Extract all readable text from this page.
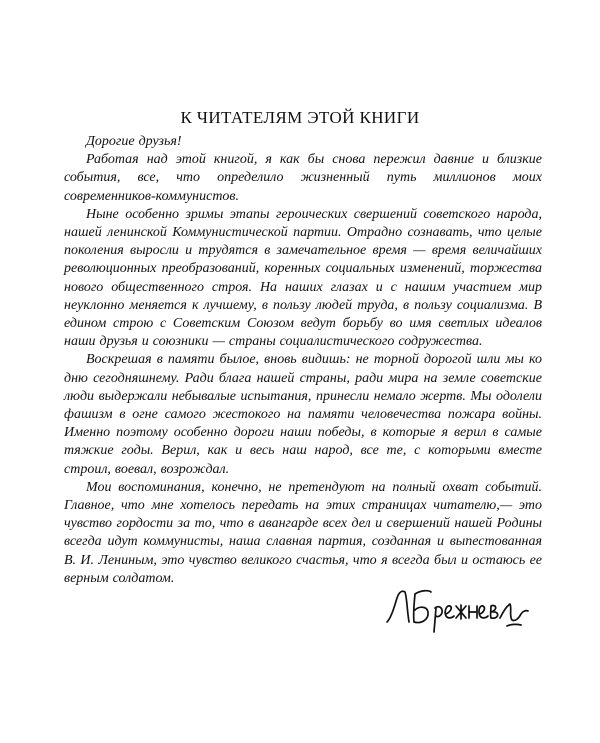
К ЧИТАТЕЛЯМ ЭТОЙ КНИГИ

Дорогие друзья!

Работая над этой книгой, я как бы снова пережил давние и близкие события, все, что определило жизненный путь миллионов моих современников-коммунистов.

Ныне особенно зримы этапы героических свершений советского народа, нашей ленинской Коммунистической партии. Отрадно сознавать, что целые поколения выросли и трудятся в замечательное время — время величайших революционных преобразований, коренных социальных изменений, торжества нового общественного строя. На наших глазах и с нашим участием мир неуклонно меняется к лучшему, в пользу людей труда, в пользу социализма. В едином строю с Советским Союзом ведут борьбу во имя светлых идеалов наши друзья и союзники — страны социалистического содружества.

Воскрешая в памяти былое, вновь видишь: не торной дорогой шли мы ко дню сегодняшнему. Ради блага нашей страны, ради мира на земле советские люди выдержали небывалые испытания, принесли немало жертв. Мы одолели фашизм в огне самого жестокого на памяти человечества пожара войны. Именно поэтому особенно дороги наши победы, в которые я верил в самые тяжкие годы. Верил, как и весь наш народ, все те, с которыми вместе строил, воевал, возрождал.

Мои воспоминания, конечно, не претендуют на полный охват событий. Главное, что мне хотелось передать на этих страницах читателю,— это чувство гордости за то, что в авангарде всех дел и свершений нашей Родины всегда идут коммунисты, наша славная партия, созданная и выпестованная В. И. Лениным, это чувство великого счастья, что я всегда был и остаюсь ее верным солдатом.
